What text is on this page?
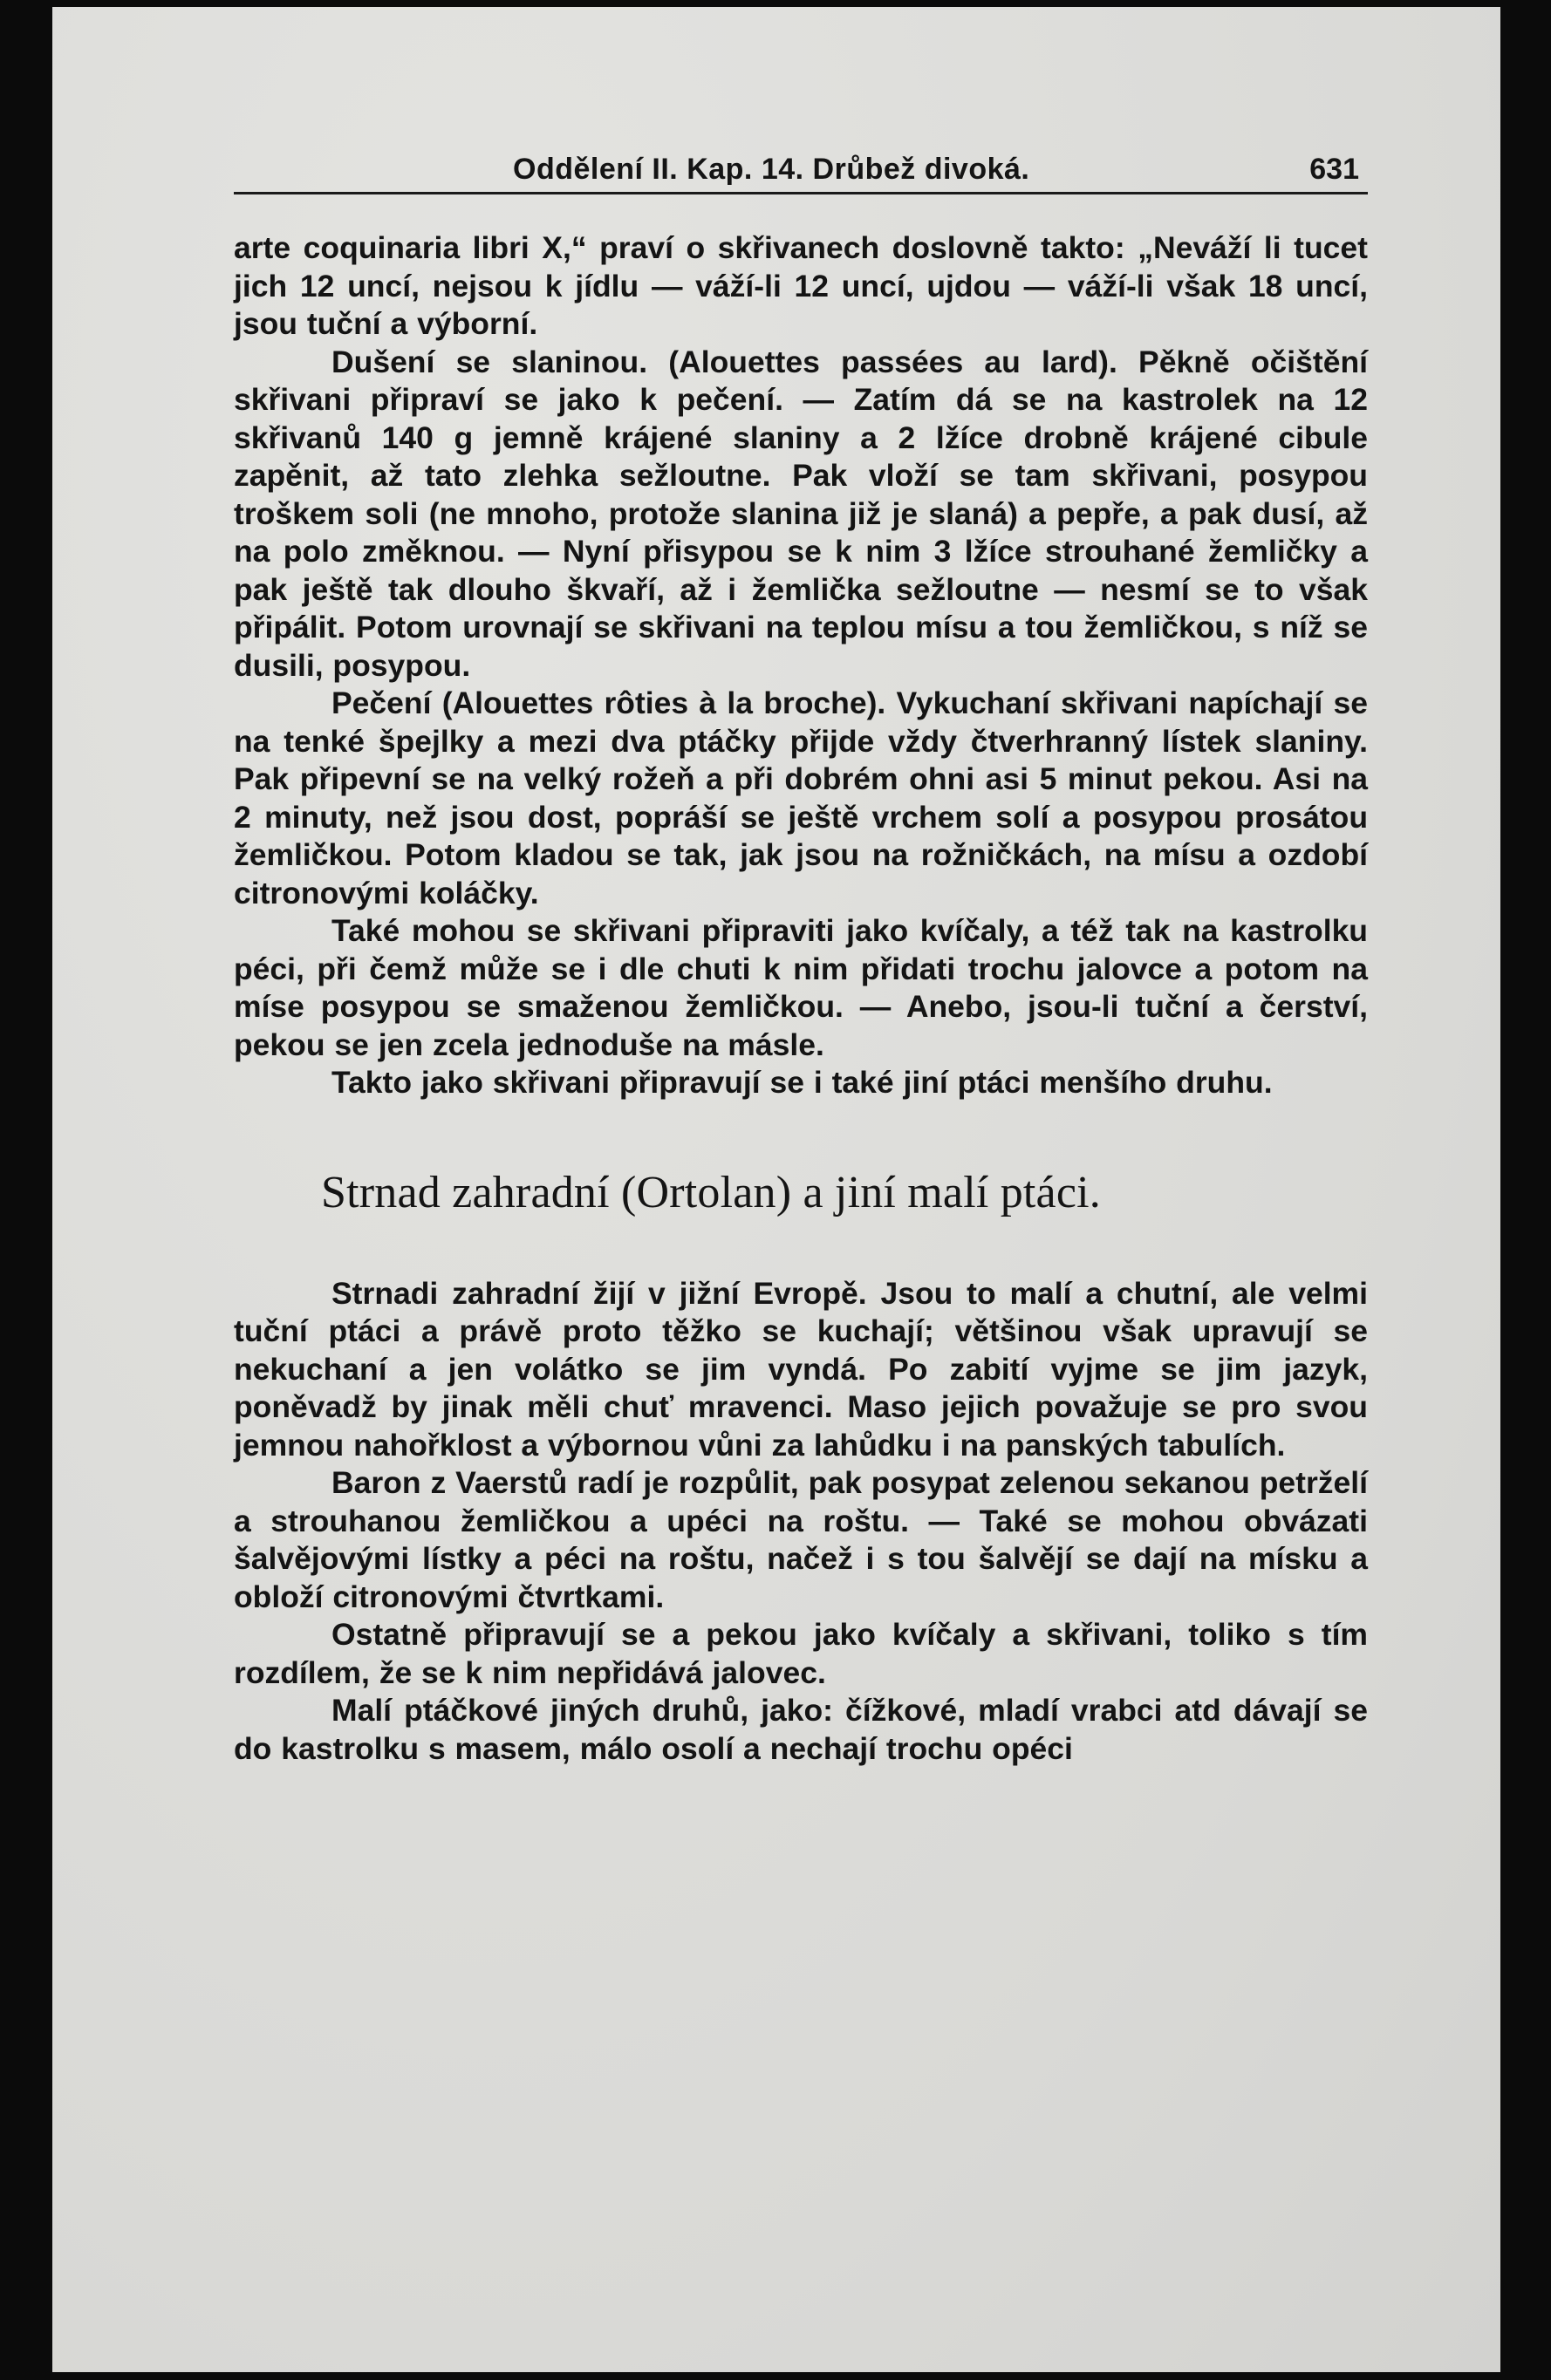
Oddělení II. Kap. 14. Drůbež divoká.	631

arte coquinaria libri X,“ praví o skřivanech doslovně takto: „Neváží li tucet jich 12 uncí, nejsou k jídlu — váží-li 12 uncí, ujdou — váží-li však 18 uncí, jsou tuční a výborní.

Dušení se slaninou. (Alouettes passées au lard). Pěkně očištění skřivani připraví se jako k pečení. — Zatím dá se na kastrolek na 12 skřivanů 140 g jemně krájené slaniny a 2 lžíce drobně krájené cibule zapěnit, až tato zlehka sežloutne. Pak vloží se tam skřivani, posypou troškem soli (ne mnoho, protože slanina již je slaná) a pepře, a pak dusí, až na polo změknou. — Nyní přisypou se k nim 3 lžíce strouhané žemličky a pak ještě tak dlouho škvaří, až i žemlička sežloutne — nesmí se to však připálit. Potom urovnají se skřivani na teplou mísu a tou žemličkou, s níž se dusili, posypou.

Pečení (Alouettes rôties à la broche). Vykuchaní skřivani napíchají se na tenké špejlky a mezi dva ptáčky přijde vždy čtverhranný lístek slaniny. Pak připevní se na velký rožeň a při dobrém ohni asi 5 minut pekou. Asi na 2 minuty, než jsou dost, popráší se ještě vrchem solí a posypou prosátou žemličkou. Potom kladou se tak, jak jsou na rožničkách, na mísu a ozdobí citronovými koláčky.

Také mohou se skřivani připraviti jako kvíčaly, a též tak na kastrolku péci, při čemž může se i dle chuti k nim přidati trochu jalovce a potom na míse posypou se smaženou žemličkou. — Anebo, jsou-li tuční a čerství, pekou se jen zcela jednoduše na másle.

Takto jako skřivani připravují se i také jiní ptáci menšího druhu.

Strnad zahradní (Ortolan) a jiní malí ptáci.

Strnadi zahradní žijí v jižní Evropě. Jsou to malí a chutní, ale velmi tuční ptáci a právě proto těžko se kuchají; většinou však upravují se nekuchaní a jen volátko se jim vyndá. Po zabití vyjme se jim jazyk, poněvadž by jinak měli chuť mravenci. Maso jejich považuje se pro svou jemnou nahořklost a výbornou vůni za lahůdku i na panských tabulích.

Baron z Vaerstů radí je rozpůlit, pak posypat zelenou sekanou petrželí a strouhanou žemličkou a upéci na roštu. — Také se mohou obvázati šalvějovými lístky a péci na roštu, načež i s tou šalvějí se dají na mísku a obloží citronovými čtvrtkami.

Ostatně připravují se a pekou jako kvíčaly a skřivani, toliko s tím rozdílem, že se k nim nepřidává jalovec.

Malí ptáčkové jiných druhů, jako: čížkové, mladí vrabci atd dávají se do kastrolku s masem, málo osolí a nechají trochu opéci
